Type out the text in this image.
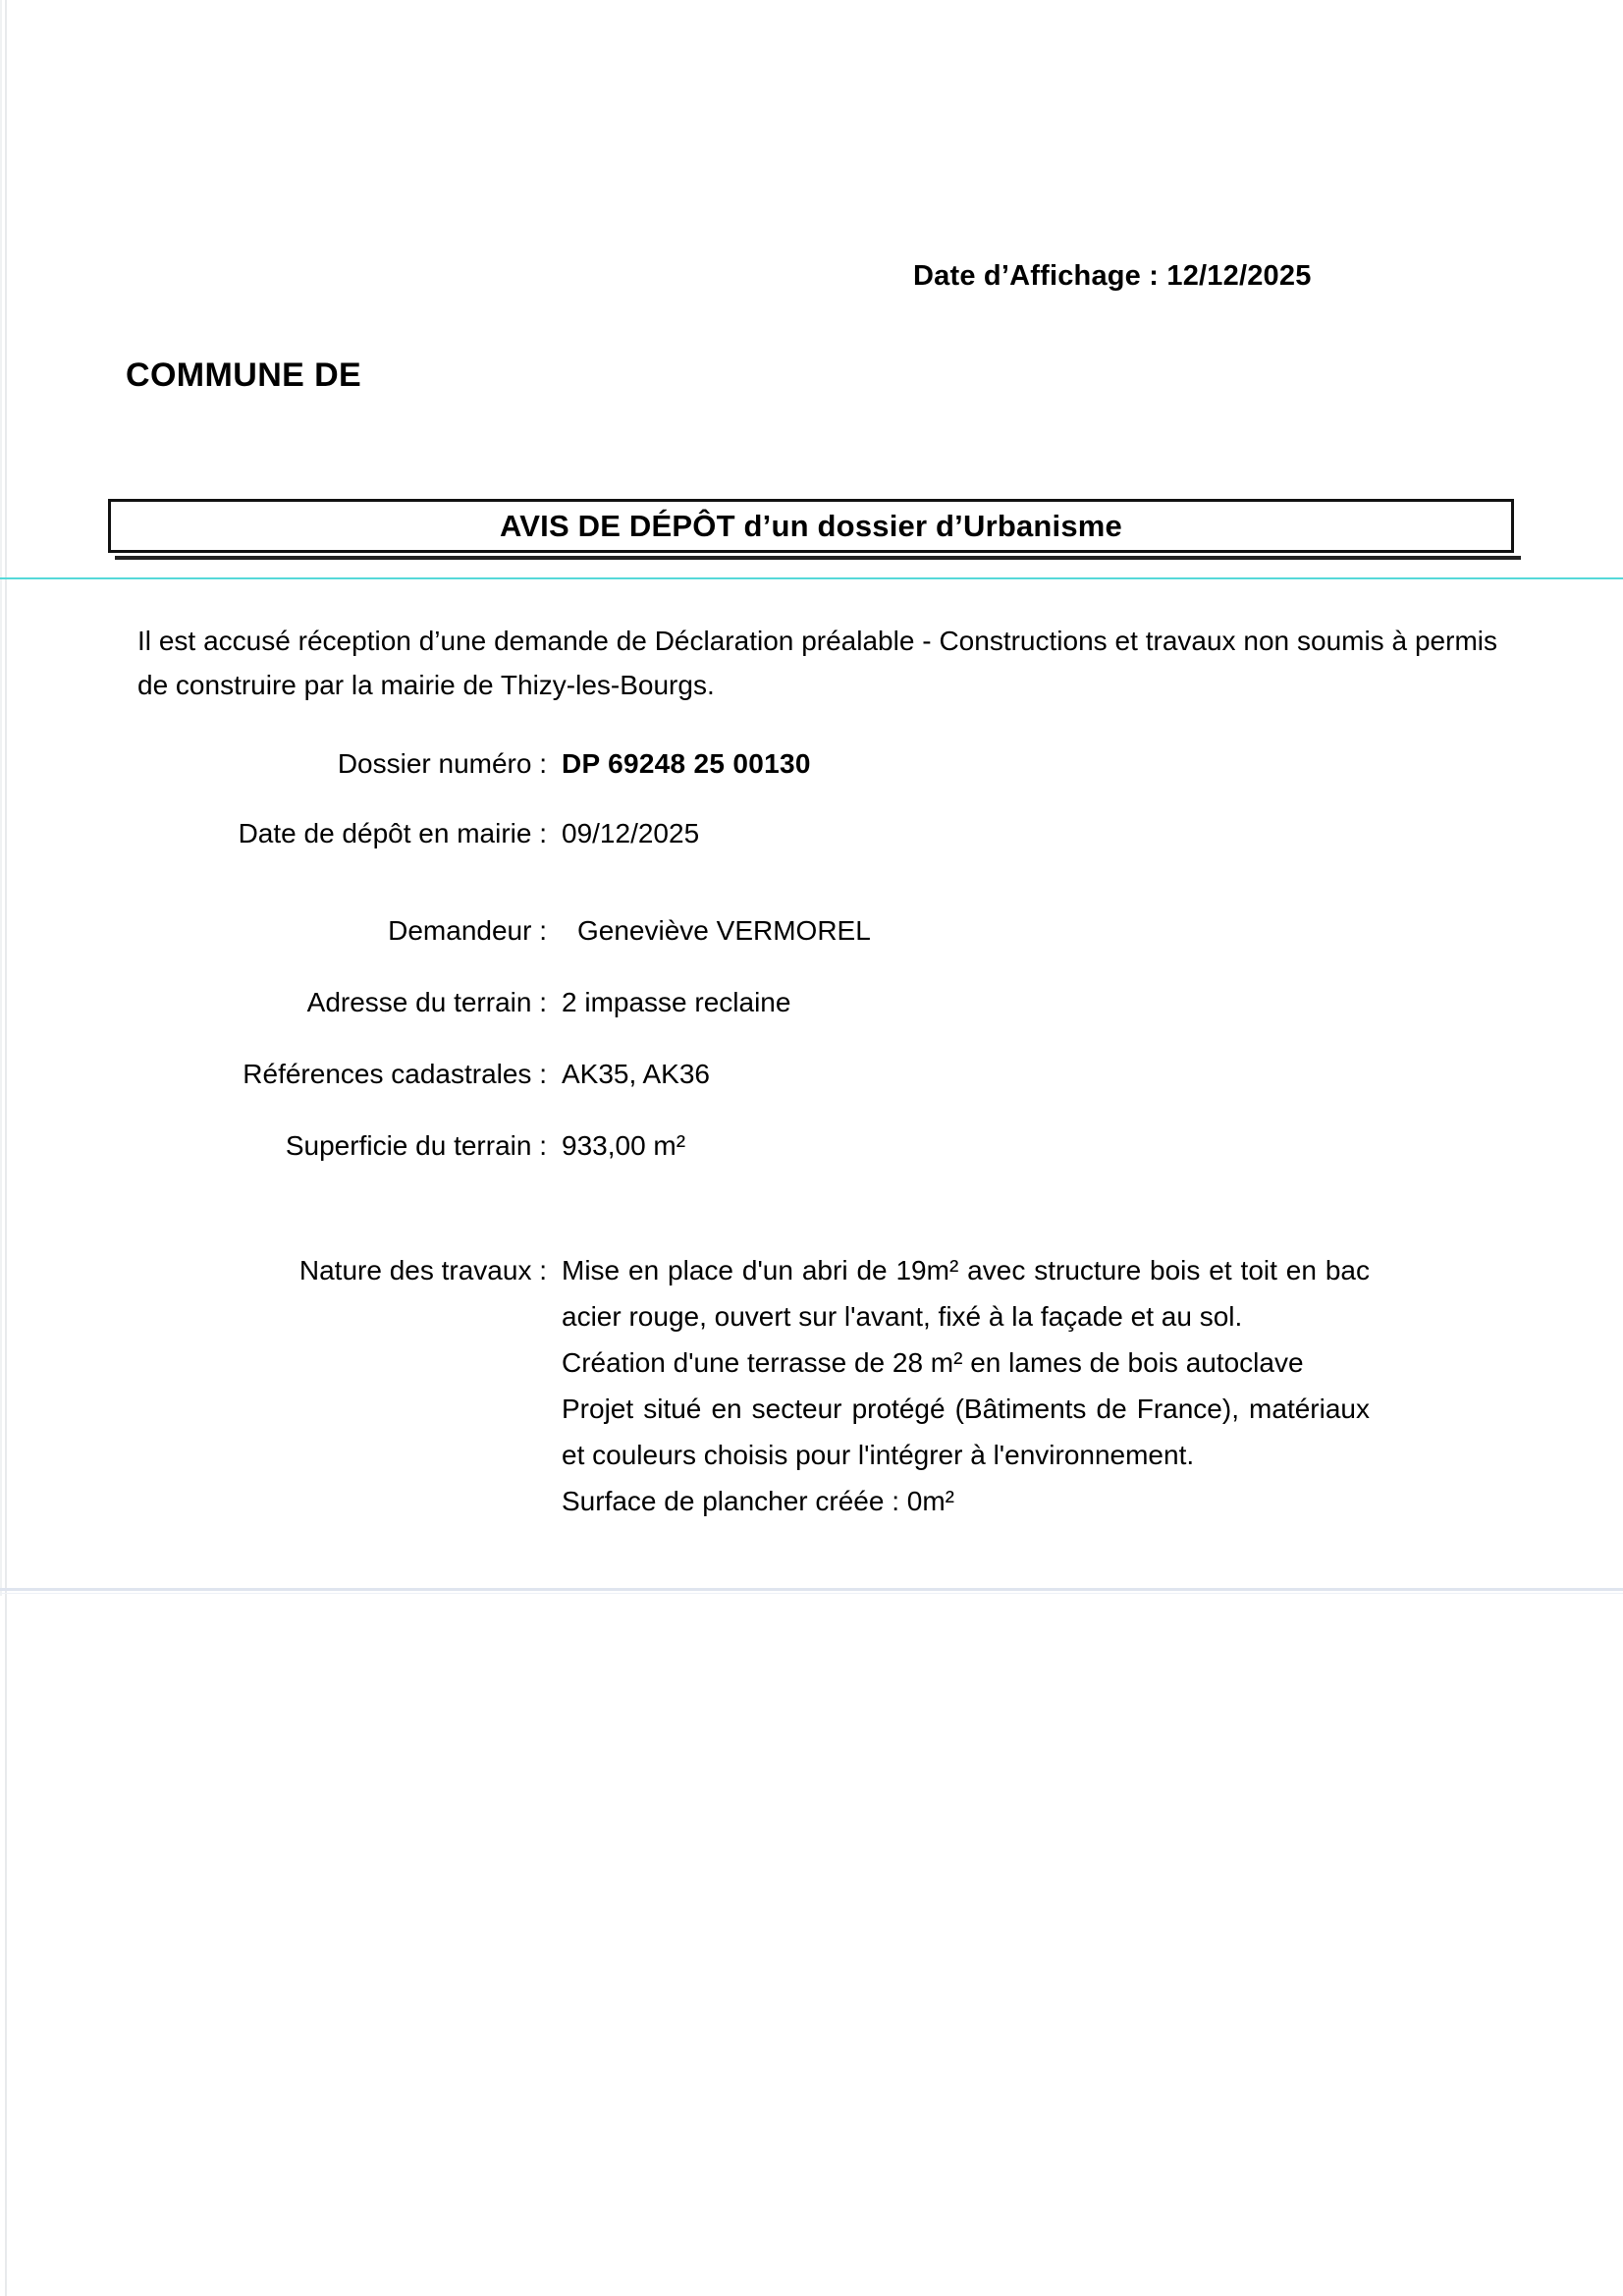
COMMUNE DE

Date d’Affichage : 12/12/2025
AVIS DE DÉPÔT d’un dossier d’Urbanisme
Il est accusé réception d’une demande de Déclaration préalable - Constructions et travaux non soumis à permis de construire par la mairie de Thizy-les-Bourgs.
Dossier numéro : DP 69248 25 00130
Date de dépôt en mairie : 09/12/2025
Demandeur : Geneviève VERMOREL
Adresse du terrain : 2 impasse reclaine
Références cadastrales : AK35, AK36
Superficie du terrain : 933,00 m²
Nature des travaux : Mise en place d'un abri de 19m² avec structure bois et toit en bac acier rouge, ouvert sur l'avant, fixé à la façade et au sol.
Création d'une terrasse de 28 m² en lames de bois autoclave
Projet situé en secteur protégé (Bâtiments de France), matériaux et couleurs choisis pour l'intégrer à l'environnement.
Surface de plancher créée : 0m²
